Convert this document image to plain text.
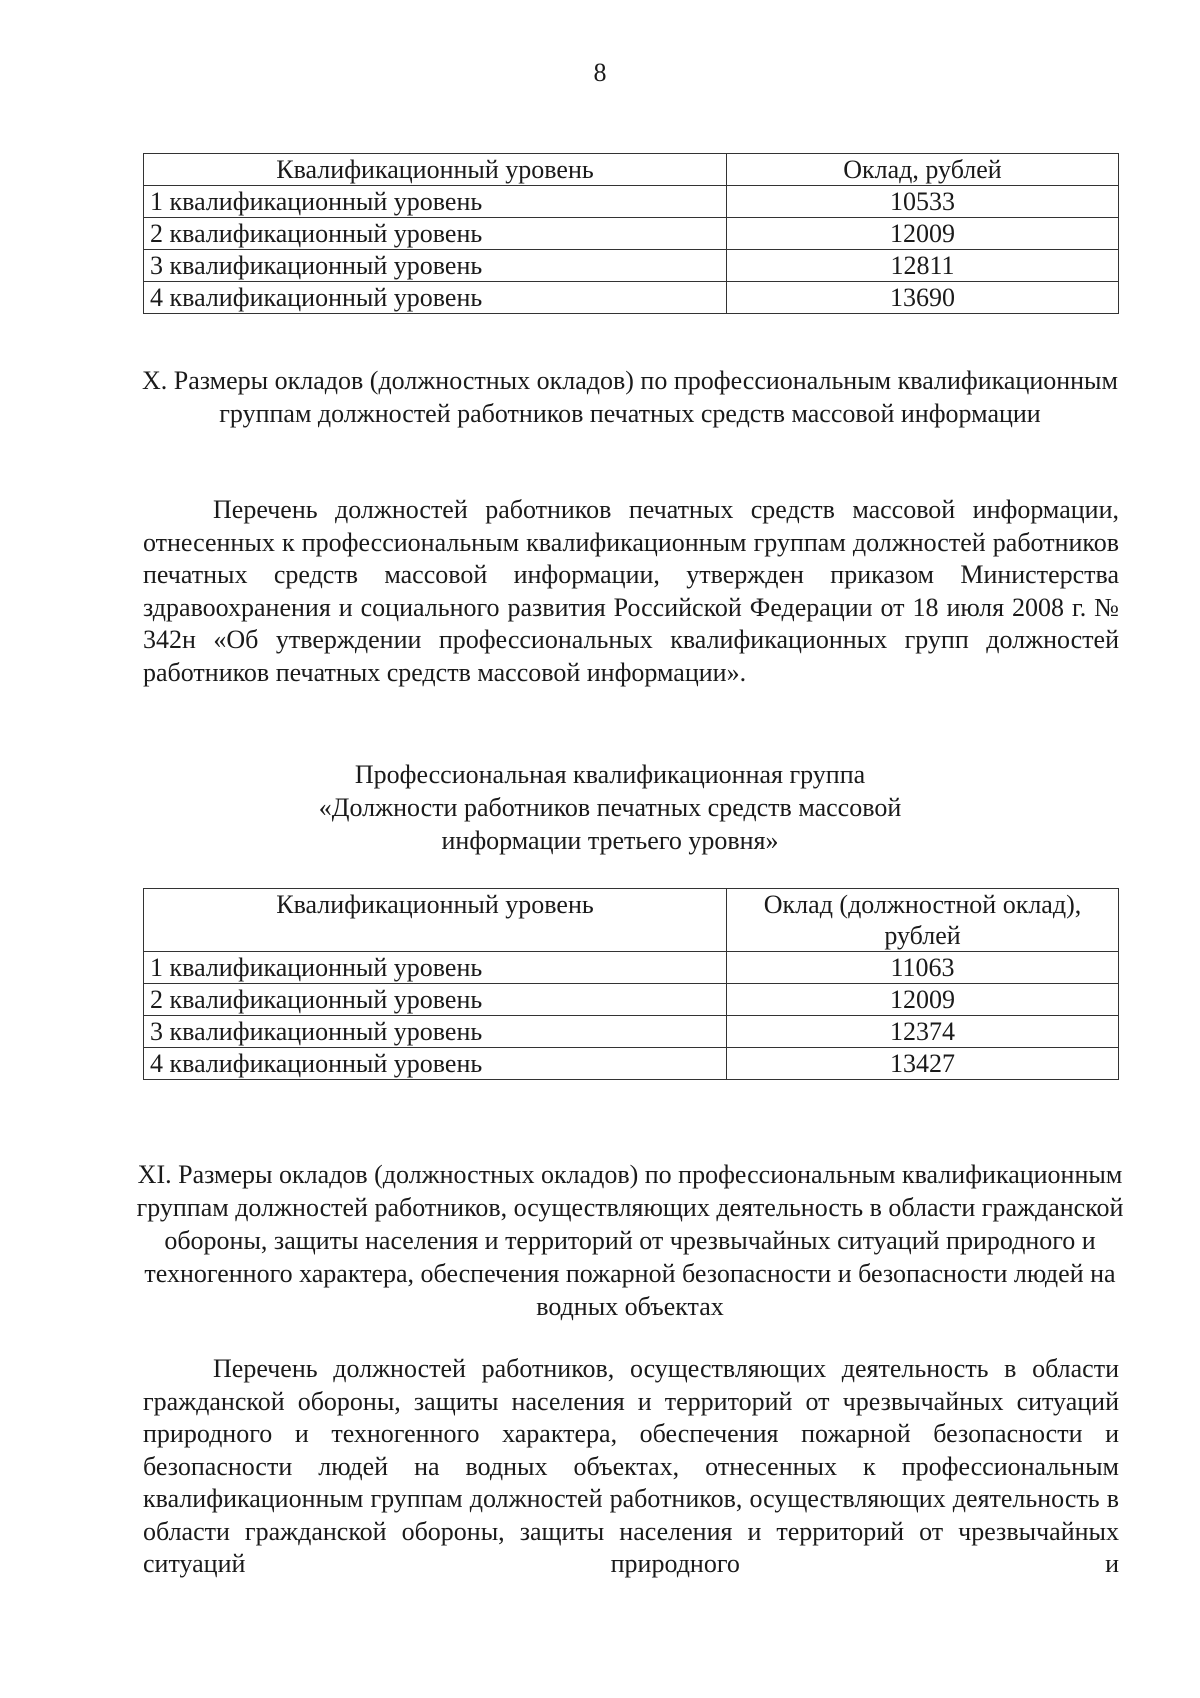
8
Квалификационный уровень	Оклад, рублей
1 квалификационный уровень	10533
2 квалификационный уровень	12009
3 квалификационный уровень	12811
4 квалификационный уровень	13690
X. Размеры окладов (должностных окладов) по профессиональным квалификационным группам должностей работников печатных средств массовой информации
Перечень должностей работников печатных средств массовой информации, отнесенных к профессиональным квалификационным группам должностей работников печатных средств массовой информации, утвержден приказом Министерства здравоохранения и социального развития Российской Федерации от 18 июля 2008 г. № 342н «Об утверждении профессиональных квалификационных групп должностей работников печатных средств массовой информации».
Профессиональная квалификационная группа «Должности работников печатных средств массовой информации третьего уровня»
Квалификационный уровень	Оклад (должностной оклад), рублей
1 квалификационный уровень	11063
2 квалификационный уровень	12009
3 квалификационный уровень	12374
4 квалификационный уровень	13427
XI. Размеры окладов (должностных окладов) по профессиональным квалификационным группам должностей работников, осуществляющих деятельность в области гражданской обороны, защиты населения и территорий от чрезвычайных ситуаций природного и техногенного характера, обеспечения пожарной безопасности и безопасности людей на водных объектах
Перечень должностей работников, осуществляющих деятельность в области гражданской обороны, защиты населения и территорий от чрезвычайных ситуаций природного и техногенного характера, обеспечения пожарной безопасности и безопасности людей на водных объектах, отнесенных к профессиональным квалификационным группам должностей работников, осуществляющих деятельность в области гражданской обороны, защиты населения и территорий от чрезвычайных ситуаций природного и
